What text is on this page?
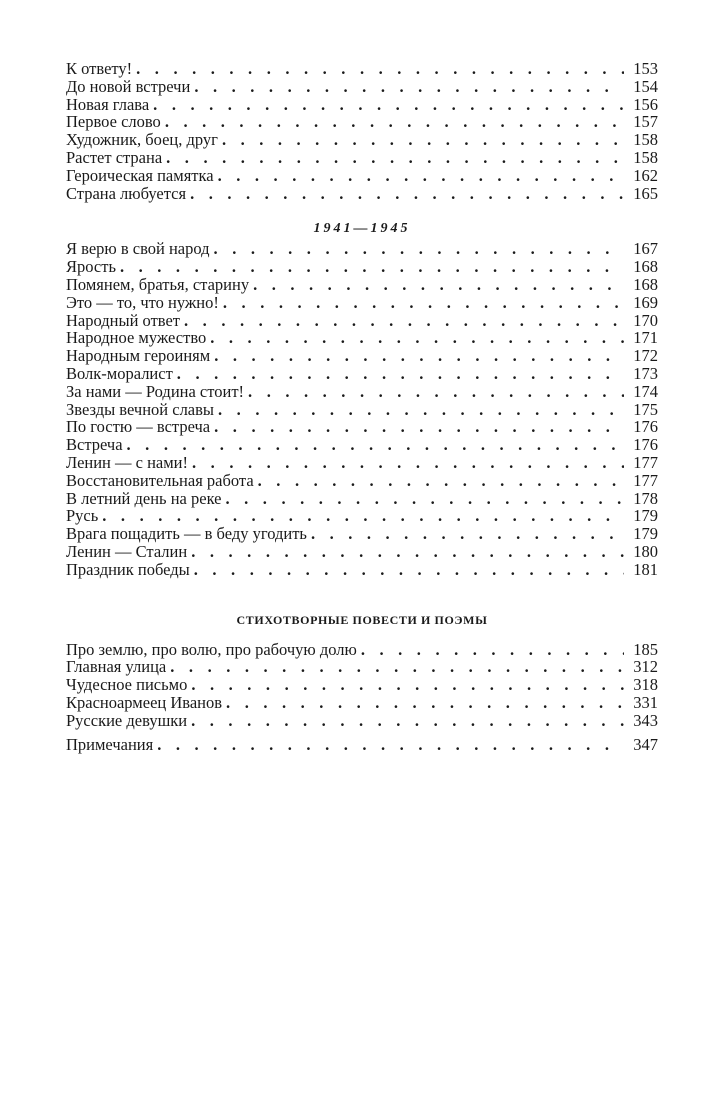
К ответу! . . .	153
До новой встречи . . .	154
Новая глава . . .	156
Первое слово . . .	157
Художник, боец, друг . . .	158
Растет страна . . .	158
Героическая памятка . . .	162
Страна любуется . . .	165
1941—1945
Я верю в свой народ . . .	167
Ярость . . .	168
Помянем, братья, старину . . .	168
Это — то, что нужно! . . .	169
Народный ответ . . .	170
Народное мужество . . .	171
Народным героиням . . .	172
Волк-моралист . . .	173
За нами — Родина стоит! . . .	174
Звезды вечной славы . . .	175
По гостю — встреча . . .	176
Встреча . . .	176
Ленин — с нами! . . .	177
Восстановительная работа . . .	177
В летний день на реке . . .	178
Русь . . .	179
Врага пощадить — в беду угодить . . .	179
Ленин — Сталин . . .	180
Праздник победы . . .	181
СТИХОТВОРНЫЕ ПОВЕСТИ И ПОЭМЫ
Про землю, про волю, про рабочую долю . . .	185
Главная улица . . .	312
Чудесное письмо . . .	318
Красноармеец Иванов . . .	331
Русские девушки . . .	343
Примечания . . .	347
